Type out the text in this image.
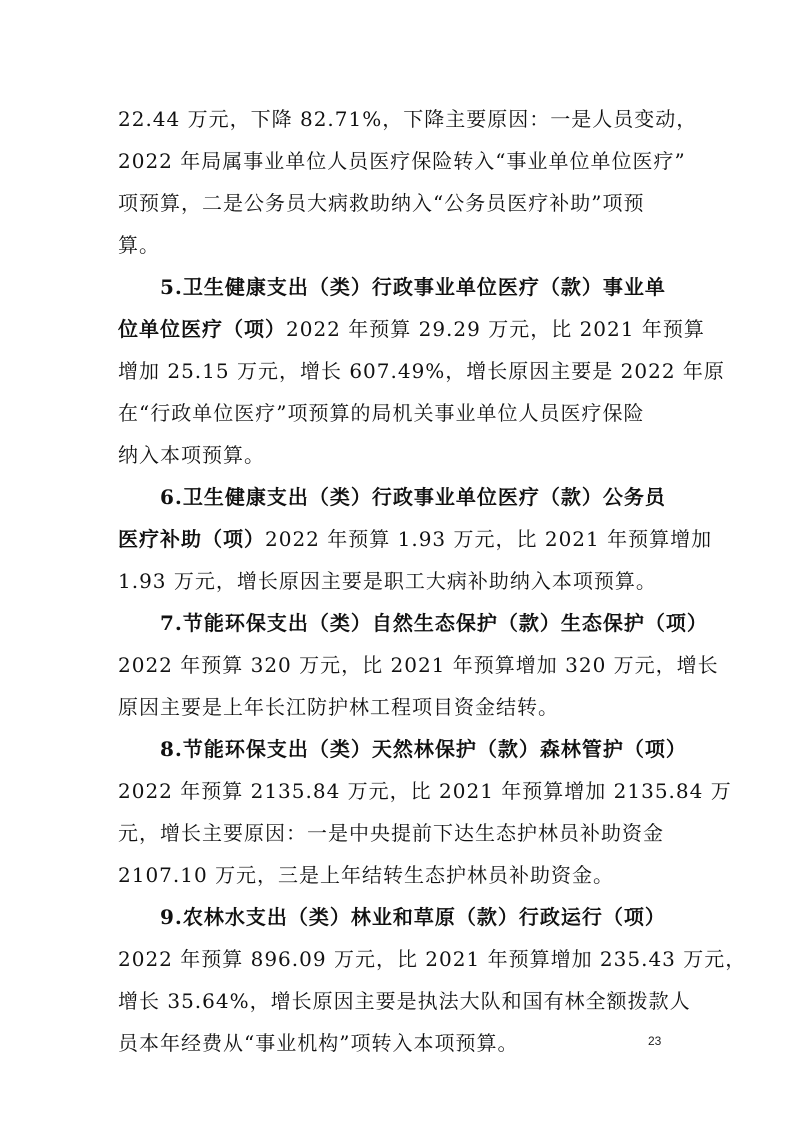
22.44 万元，下降 82.71%，下降主要原因：一是人员变动，
2022 年局属事业单位人员医疗保险转入“事业单位单位医疗”
项预算，二是公务员大病救助纳入“公务员医疗补助”项预
算。
5.卫生健康支出（类）行政事业单位医疗（款）事业单
位单位医疗（项）2022 年预算 29.29 万元，比 2021 年预算
增加 25.15 万元，增长 607.49%，增长原因主要是 2022 年原
在“行政单位医疗”项预算的局机关事业单位人员医疗保险
纳入本项预算。
6.卫生健康支出（类）行政事业单位医疗（款）公务员
医疗补助（项）2022 年预算 1.93 万元，比 2021 年预算增加
1.93 万元，增长原因主要是职工大病补助纳入本项预算。
7.节能环保支出（类）自然生态保护（款）生态保护（项）
2022 年预算 320 万元，比 2021 年预算增加 320 万元，增长
原因主要是上年长江防护林工程项目资金结转。
8.节能环保支出（类）天然林保护（款）森林管护（项）
2022 年预算 2135.84 万元，比 2021 年预算增加 2135.84 万
元，增长主要原因：一是中央提前下达生态护林员补助资金
2107.10 万元，三是上年结转生态护林员补助资金。
9.农林水支出（类）林业和草原（款）行政运行（项）
2022 年预算 896.09 万元，比 2021 年预算增加 235.43 万元，
增长 35.64%，增长原因主要是执法大队和国有林全额拨款人
员本年经费从“事业机构”项转入本项预算。	23
